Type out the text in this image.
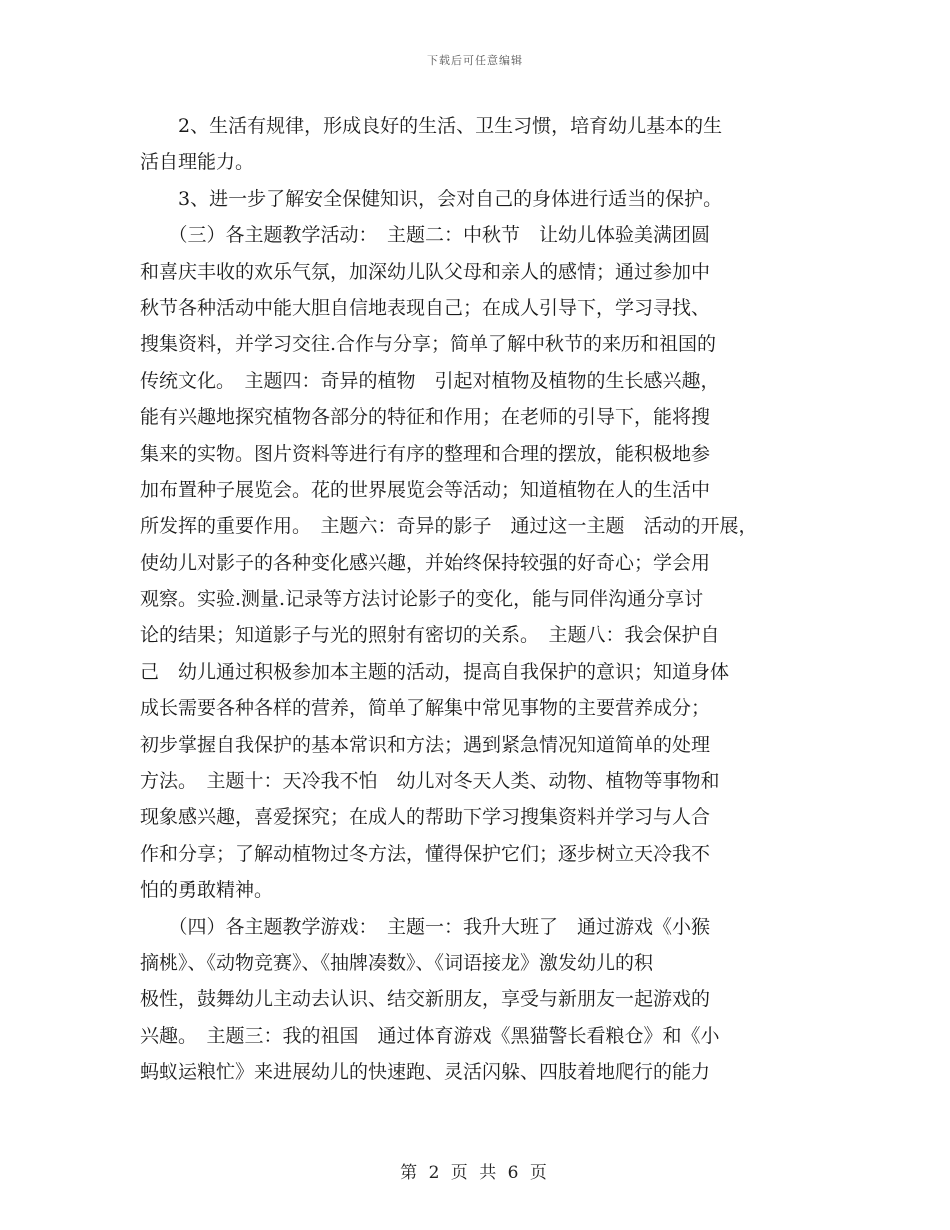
下载后可任意编辑
　　2、生活有规律，形成良好的生活、卫生习惯，培育幼儿基本的生
活自理能力。
　　3、进一步了解安全保健知识，会对自己的身体进行适当的保护。
　　（三）各主题教学活动：　主题二：中秋节　让幼儿体验美满团圆
和喜庆丰收的欢乐气氛，加深幼儿队父母和亲人的感情；通过参加中
秋节各种活动中能大胆自信地表现自己；在成人引导下，学习寻找、
搜集资料，并学习交往.合作与分享；简单了解中秋节的来历和祖国的
传统文化。　主题四：奇异的植物　引起对植物及植物的生长感兴趣，
能有兴趣地探究植物各部分的特征和作用；在老师的引导下，能将搜
集来的实物。图片资料等进行有序的整理和合理的摆放，能积极地参
加布置种子展览会。花的世界展览会等活动；知道植物在人的生活中
所发挥的重要作用。　主题六：奇异的影子　通过这一主题　活动的开展，
使幼儿对影子的各种变化感兴趣，并始终保持较强的好奇心；学会用
观察。实验.测量.记录等方法讨论影子的变化，能与同伴沟通分享讨
论的结果；知道影子与光的照射有密切的关系。　主题八：我会保护自
己　幼儿通过积极参加本主题的活动，提高自我保护的意识；知道身体
成长需要各种各样的营养，简单了解集中常见事物的主要营养成分；
初步掌握自我保护的基本常识和方法；遇到紧急情况知道简单的处理
方法。　主题十：天冷我不怕　幼儿对冬天人类、动物、植物等事物和
现象感兴趣，喜爱探究；在成人的帮助下学习搜集资料并学习与人合
作和分享；了解动植物过冬方法，懂得保护它们；逐步树立天冷我不
怕的勇敢精神。
　　（四）各主题教学游戏：　主题一：我升大班了　通过游戏《小猴
摘桃》、《动物竞赛》、《抽牌凑数》、《词语接龙》激发幼儿的积
极性，鼓舞幼儿主动去认识、结交新朋友，享受与新朋友一起游戏的
兴趣。　主题三：我的祖国　通过体育游戏《黑猫警长看粮仓》和《小
蚂蚁运粮忙》来进展幼儿的快速跑、灵活闪躲、四肢着地爬行的能力
第 2 页 共 6 页
